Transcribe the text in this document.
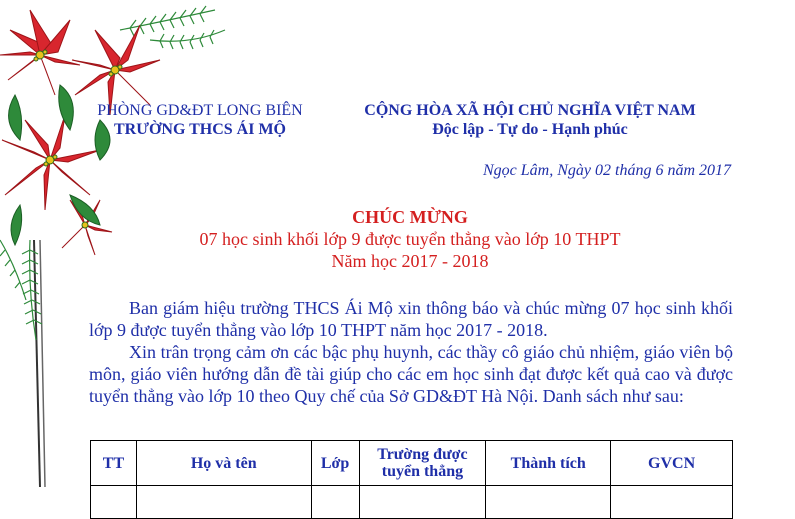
PHÒNG GD&ĐT LONG BIÊN
TRƯỜNG THCS ÁI MỘ
CỘNG HÒA XÃ HỘI CHỦ NGHĨA VIỆT NAM
Độc lập - Tự do - Hạnh phúc
Ngọc Lâm, Ngày 02 tháng 6 năm 2017
CHÚC MỪNG
07 học sinh khối lớp 9 được tuyển thẳng vào lớp 10 THPT
Năm học 2017 - 2018

Ban giám hiệu trường THCS Ái Mộ xin thông báo và chúc mừng 07 học sinh khối lớp 9 được tuyển thẳng vào lớp 10 THPT năm học 2017 - 2018.

Xin trân trọng cảm ơn các bậc phụ huynh, các thầy cô giáo chủ nhiệm, giáo viên bộ môn, giáo viên hướng dẫn đề tài giúp cho các em học sinh đạt được kết quả cao và được tuyển thẳng vào lớp 10 theo Quy chế của Sở GD&ĐT Hà Nội. Danh sách như sau:

TT	Họ và tên	Lớp	Trường được tuyển thẳng	Thành tích	GVCN
